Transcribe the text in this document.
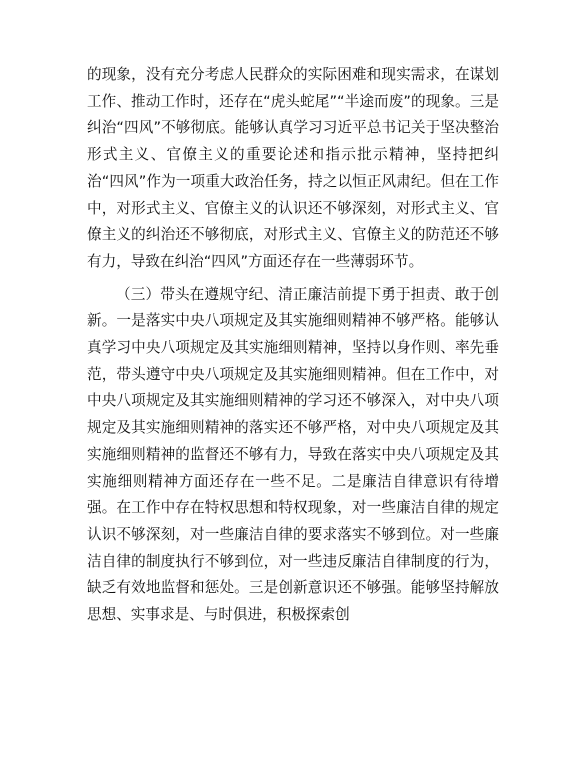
的现象，没有充分考虑人民群众的实际困难和现实需求，在谋划工作、推动工作时，还存在“虎头蛇尾”“半途而废”的现象。三是纠治“四风”不够彻底。能够认真学习习近平总书记关于坚决整治形式主义、官僚主义的重要论述和指示批示精神，坚持把纠治“四风”作为一项重大政治任务，持之以恒正风肃纪。但在工作中，对形式主义、官僚主义的认识还不够深刻，对形式主义、官僚主义的纠治还不够彻底，对形式主义、官僚主义的防范还不够有力，导致在纠治“四风”方面还存在一些薄弱环节。

（三）带头在遵规守纪、清正廉洁前提下勇于担责、敢于创新。一是落实中央八项规定及其实施细则精神不够严格。能够认真学习中央八项规定及其实施细则精神，坚持以身作则、率先垂范，带头遵守中央八项规定及其实施细则精神。但在工作中，对中央八项规定及其实施细则精神的学习还不够深入，对中央八项规定及其实施细则精神的落实还不够严格，对中央八项规定及其实施细则精神的监督还不够有力，导致在落实中央八项规定及其实施细则精神方面还存在一些不足。二是廉洁自律意识有待增强。在工作中存在特权思想和特权现象，对一些廉洁自律的规定认识不够深刻，对一些廉洁自律的要求落实不够到位。对一些廉洁自律的制度执行不够到位，对一些违反廉洁自律制度的行为，缺乏有效地监督和惩处。三是创新意识还不够强。能够坚持解放思想、实事求是、与时俱进，积极探索创
